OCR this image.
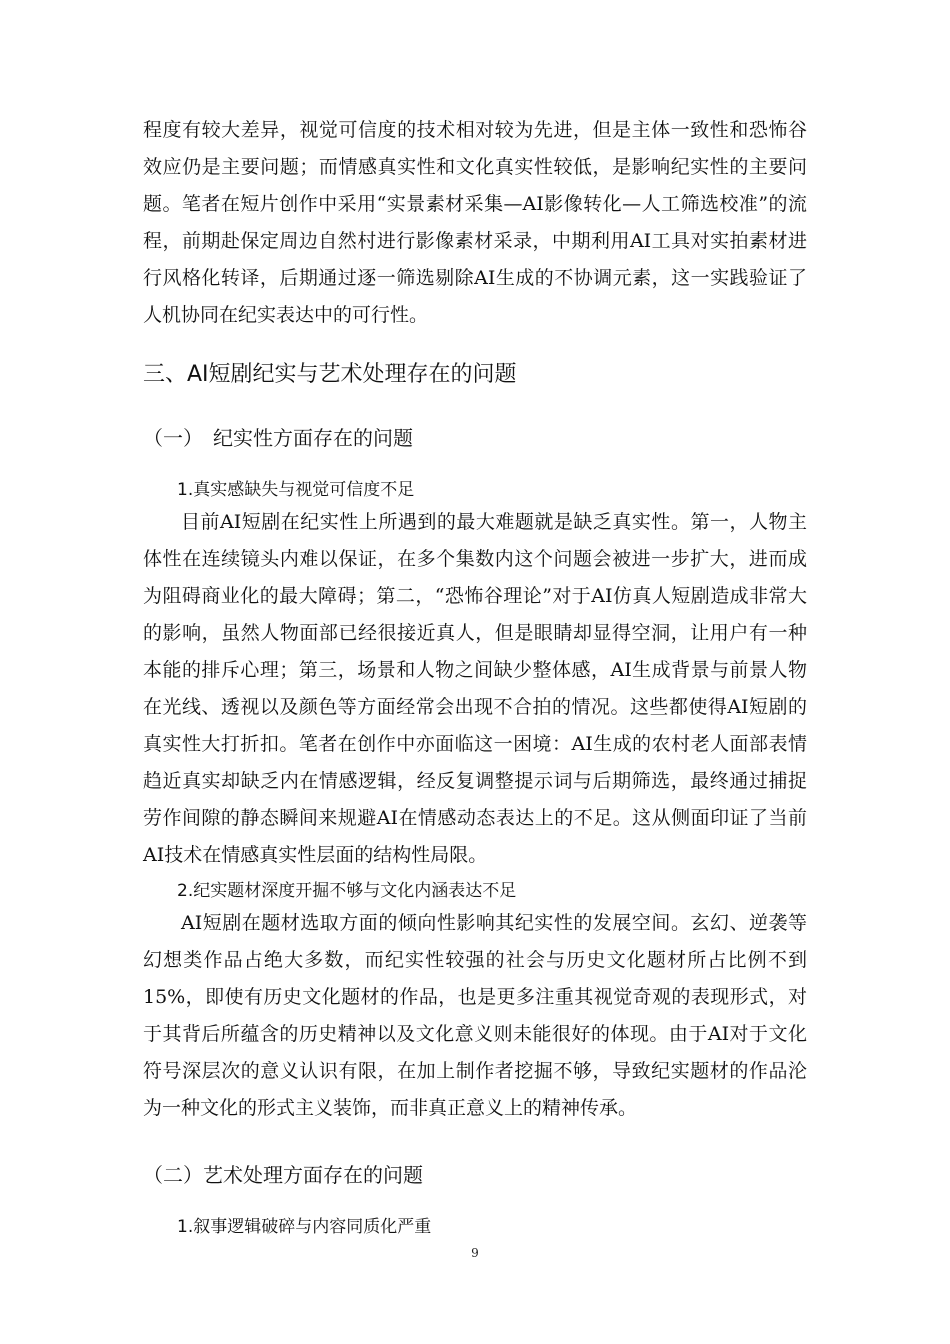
程度有较大差异，视觉可信度的技术相对较为先进，但是主体一致性和恐怖谷效应仍是主要问题；而情感真实性和文化真实性较低，是影响纪实性的主要问题。笔者在短片创作中采用“实景素材采集—AI影像转化—人工筛选校准”的流程，前期赴保定周边自然村进行影像素材采录，中期利用AI工具对实拍素材进行风格化转译，后期通过逐一筛选剔除AI生成的不协调元素，这一实践验证了人机协同在纪实表达中的可行性。

三、AI短剧纪实与艺术处理存在的问题
（一） 纪实性方面存在的问题
1.真实感缺失与视觉可信度不足

目前AI短剧在纪实性上所遇到的最大难题就是缺乏真实性。第一，人物主体性在连续镜头内难以保证，在多个集数内这个问题会被进一步扩大，进而成为阻碍商业化的最大障碍；第二，“恐怖谷理论”对于AI仿真人短剧造成非常大的影响，虽然人物面部已经很接近真人，但是眼睛却显得空洞，让用户有一种本能的排斥心理；第三，场景和人物之间缺少整体感，AI生成背景与前景人物在光线、透视以及颜色等方面经常会出现不合拍的情况。这些都使得AI短剧的真实性大打折扣。笔者在创作中亦面临这一困境：AI生成的农村老人面部表情趋近真实却缺乏内在情感逻辑，经反复调整提示词与后期筛选，最终通过捕捉劳作间隙的静态瞬间来规避AI在情感动态表达上的不足。这从侧面印证了当前AI技术在情感真实性层面的结构性局限。

2.纪实题材深度开掘不够与文化内涵表达不足

AI短剧在题材选取方面的倾向性影响其纪实性的发展空间。玄幻、逆袭等幻想类作品占绝大多数，而纪实性较强的社会与历史文化题材所占比例不到15%，即使有历史文化题材的作品，也是更多注重其视觉奇观的表现形式，对于其背后所蕴含的历史精神以及文化意义则未能很好的体现。由于AI对于文化符号深层次的意义认识有限，在加上制作者挖掘不够，导致纪实题材的作品沦为一种文化的形式主义装饰，而非真正意义上的精神传承。

（二）艺术处理方面存在的问题
1.叙事逻辑破碎与内容同质化严重
9
